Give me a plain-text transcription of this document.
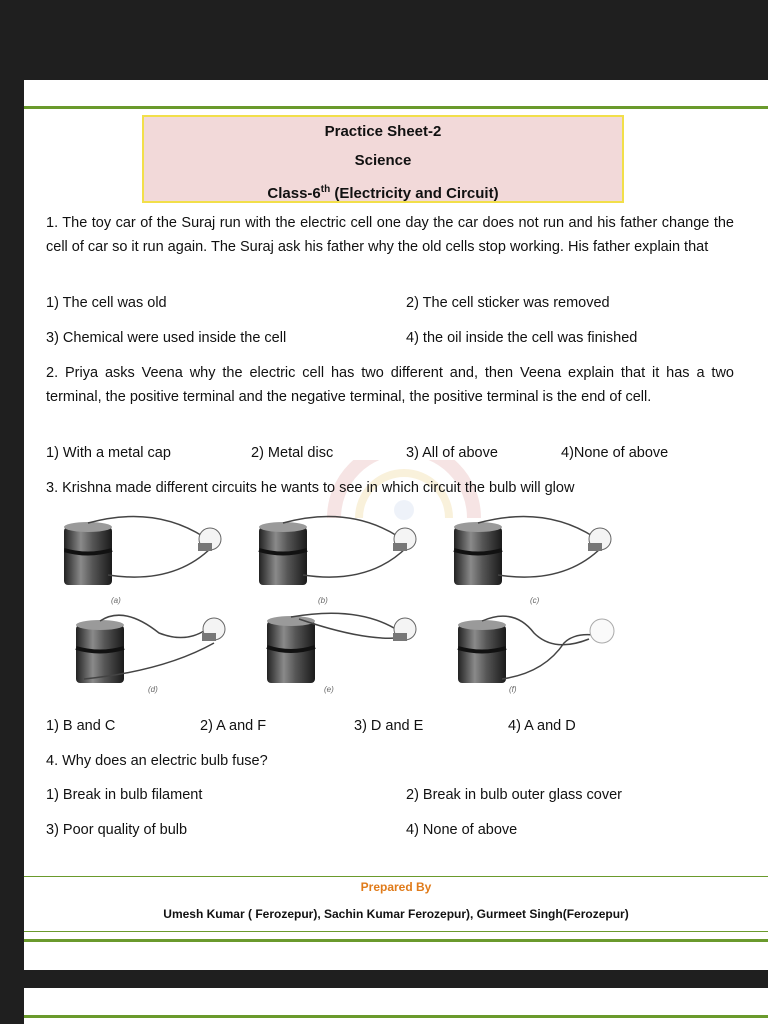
Practice Sheet-2
Science
Class-6th (Electricity and Circuit)
1. The toy car of the Suraj run with the electric cell one day the car does not run and his father change the cell of car so it run again. The Suraj ask his father why the old cells stop working. His father explain that
1) The cell was old	2) The cell sticker was removed
3) Chemical were used inside the cell	4) the oil inside the cell was finished
2. Priya asks Veena why the electric cell has two different and, then Veena explain that it has a two terminal, the positive terminal and the negative terminal, the positive terminal is the end of cell.
1) With a metal cap	2) Metal disc	3) All of above	4)None of above
3. Krishna made different circuits he wants to see in which circuit the bulb will glow
(a)	(b)	(c)
(d)	(e)	(f)
1) B and C	2) A and F	3) D and E	4) A and D
4. Why does an electric bulb fuse?
1) Break in bulb filament	2) Break in bulb outer glass cover
3) Poor quality of bulb	4) None of above
Prepared By
Umesh Kumar ( Ferozepur), Sachin Kumar Ferozepur), Gurmeet Singh(Ferozepur)
